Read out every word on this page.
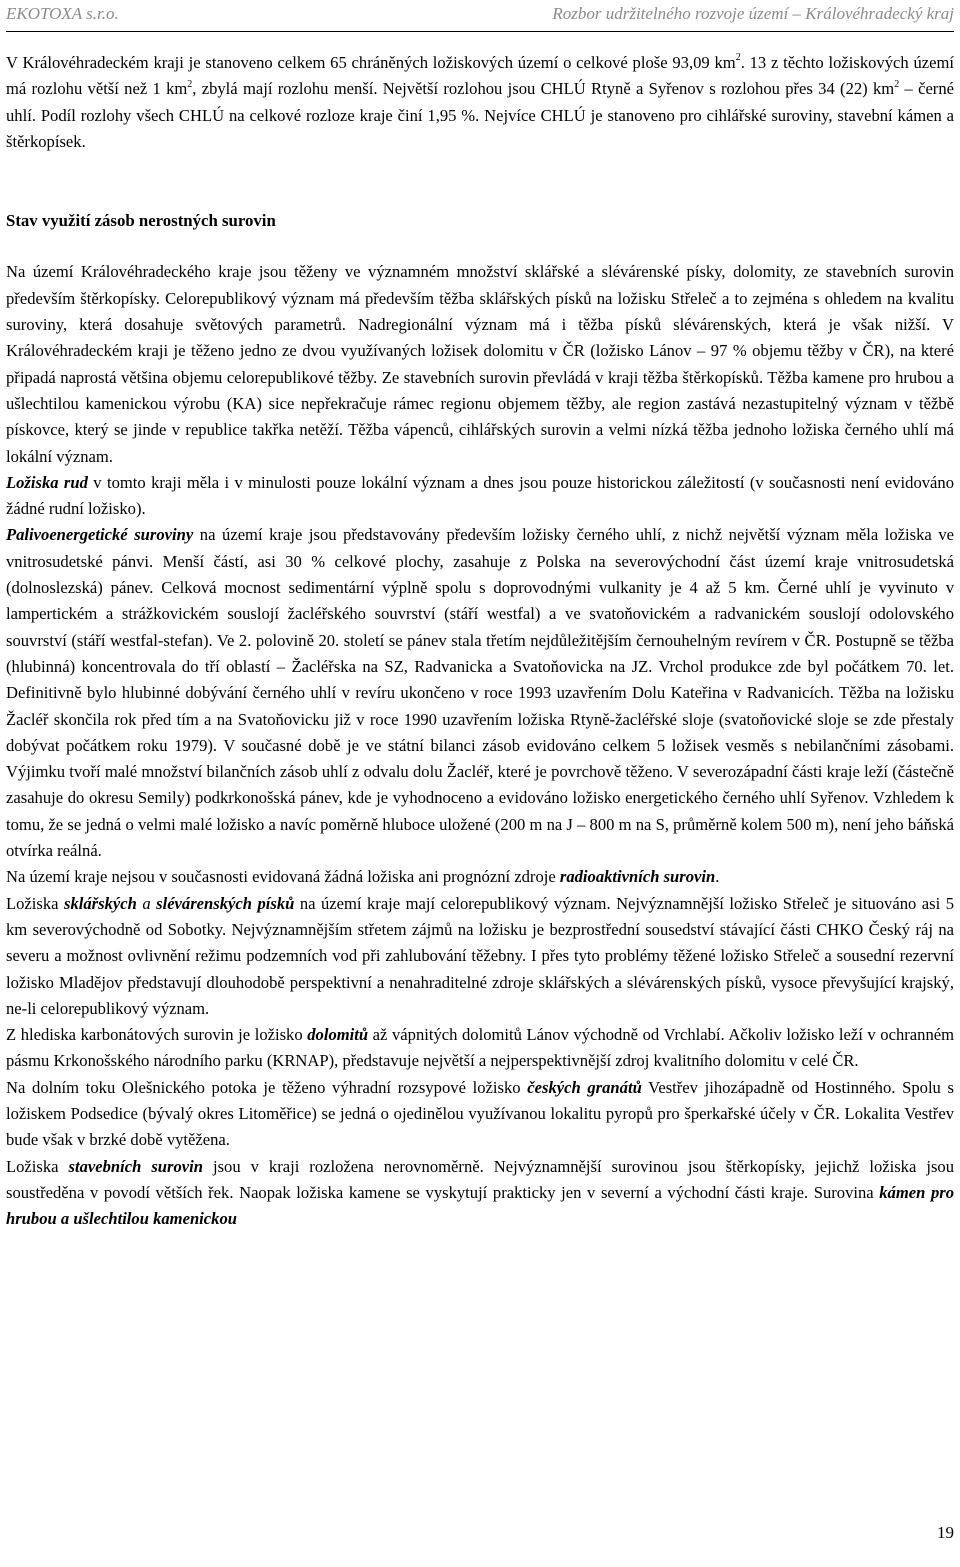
EKOTOXA s.r.o.	Rozbor udržitelného rozvoje území – Královéhradecký kraj

V Královéhradeckém kraji je stanoveno celkem 65 chráněných ložiskových území o celkové ploše 93,09 $km^2$. 13 z těchto ložiskových území má rozlohu větší než 1 $km^2$, zbylá mají rozlohu menší. Největší rozlohou jsou CHLÚ Rtyně a Syřenov s rozlohou přes 34 (22) $km^2$ – černé uhlí. Podíl rozlohy všech CHLÚ na celkové rozloze kraje činí 1,95 %. Nejvíce CHLÚ je stanoveno pro cihlářské suroviny, stavební kámen a štěrkopísek.

Stav využití zásob nerostných surovin

Na území Královéhradeckého kraje jsou těženy ve významném množství sklářské a slévárenské písky, dolomity, ze stavebních surovin především štěrkopísky. Celorepublikový význam má především těžba sklářských písků na ložisku Střeleč a to zejména s ohledem na kvalitu suroviny, která dosahuje světových parametrů. Nadregionální význam má i těžba písků slévárenských, která je však nižší. V Královéhradeckém kraji je těženo jedno ze dvou využívaných ložisek dolomitu v ČR (ložisko Lánov – 97 % objemu těžby v ČR), na které připadá naprostá většina objemu celorepublikové těžby. Ze stavebních surovin převládá v kraji těžba štěrkopísků. Těžba kamene pro hrubou a ušlechtilou kamenickou výrobu (KA) sice nepřekračuje rámec regionu objemem těžby, ale region zastává nezastupitelný význam v těžbě pískovce, který se jinde v republice takřka netěží. Těžba vápenců, cihlářských surovin a velmi nízká těžba jednoho ložiska černého uhlí má lokální význam.

Ložiska rud v tomto kraji měla i v minulosti pouze lokální význam a dnes jsou pouze historickou záležitostí (v současnosti není evidováno žádné rudní ložisko).

Palivoenergetické suroviny na území kraje jsou představovány především ložisky černého uhlí, z nichž největší význam měla ložiska ve vnitrosudetské pánvi. Menší částí, asi 30 % celkové plochy, zasahuje z Polska na severovýchodní část území kraje vnitrosudetská (dolnoslezská) pánev. Celková mocnost sedimentární výplně spolu s doprovodnými vulkanity je 4 až 5 km. Černé uhlí je vyvinuto v lampertickém a strážkovickém souslojí žacléřského souvrství (stáří westfal) a ve svatoňovickém a radvanickém souslojí odolovského souvrství (stáří westfal-stefan). Ve 2. polovině 20. století se pánev stala třetím nejdůležitějším černouhelným revírem v ČR. Postupně se těžba (hlubinná) koncentrovala do tří oblastí – Žacléřska na SZ, Radvanicka a Svatoňovicka na JZ. Vrchol produkce zde byl počátkem 70. let. Definitivně bylo hlubinné dobývání černého uhlí v revíru ukončeno v roce 1993 uzavřením Dolu Kateřina v Radvanicích. Těžba na ložisku Žacléř skončila rok před tím a na Svatoňovicku již v roce 1990 uzavřením ložiska Rtyně-žacléřské sloje (svatoňovické sloje se zde přestaly dobývat počátkem roku 1979). V současné době je ve státní bilanci zásob evidováno celkem 5 ložisek vesměs s nebilančními zásobami. Výjimku tvoří malé množství bilančních zásob uhlí z odvalu dolu Žacléř, které je povrchově těženo. V severozápadní části kraje leží (částečně zasahuje do okresu Semily) podkrkonošská pánev, kde je vyhodnoceno a evidováno ložisko energetického černého uhlí Syřenov. Vzhledem k tomu, že se jedná o velmi malé ložisko a navíc poměrně hluboce uložené (200 m na J – 800 m na S, průměrně kolem 500 m), není jeho báňská otvírka reálná.

Na území kraje nejsou v současnosti evidovaná žádná ložiska ani prognózní zdroje radioaktivních surovin.

Ložiska sklářských a slévárenských písků na území kraje mají celorepublikový význam. Nejvýznamnější ložisko Střeleč je situováno asi 5 km severovýchodně od Sobotky. Nejvýznamnějším střetem zájmů na ložisku je bezprostřední sousedství stávající části CHKO Český ráj na severu a možnost ovlivnění režimu podzemních vod při zahlubování těžebny. I přes tyto problémy těžené ložisko Střeleč a sousední rezervní ložisko Mladějov představují dlouhodobě perspektivní a nenahraditelné zdroje sklářských a slévárenských písků, vysoce převyšující krajský, ne-li celorepublikový význam.

Z hlediska karbonátových surovin je ložisko dolomitů až vápnitých dolomitů Lánov východně od Vrchlabí. Ačkoliv ložisko leží v ochranném pásmu Krkonošského národního parku (KRNAP), představuje největší a nejperspektivnější zdroj kvalitního dolomitu v celé ČR.

Na dolním toku Olešnického potoka je těženo výhradní rozsypové ložisko českých granátů Vestřev jihozápadně od Hostinného. Spolu s ložiskem Podsedice (bývalý okres Litoměřice) se jedná o ojedinělou využívanou lokalitu pyropů pro šperkařské účely v ČR. Lokalita Vestřev bude však v brzké době vytěžena.

Ložiska stavebních surovin jsou v kraji rozložena nerovnoměrně. Nejvýznamnější surovinou jsou štěrkopísky, jejichž ložiska jsou soustředěna v povodí větších řek. Naopak ložiska kamene se vyskytují prakticky jen v severní a východní části kraje. Surovina kámen pro hrubou a ušlechtilou kamenickou

19
